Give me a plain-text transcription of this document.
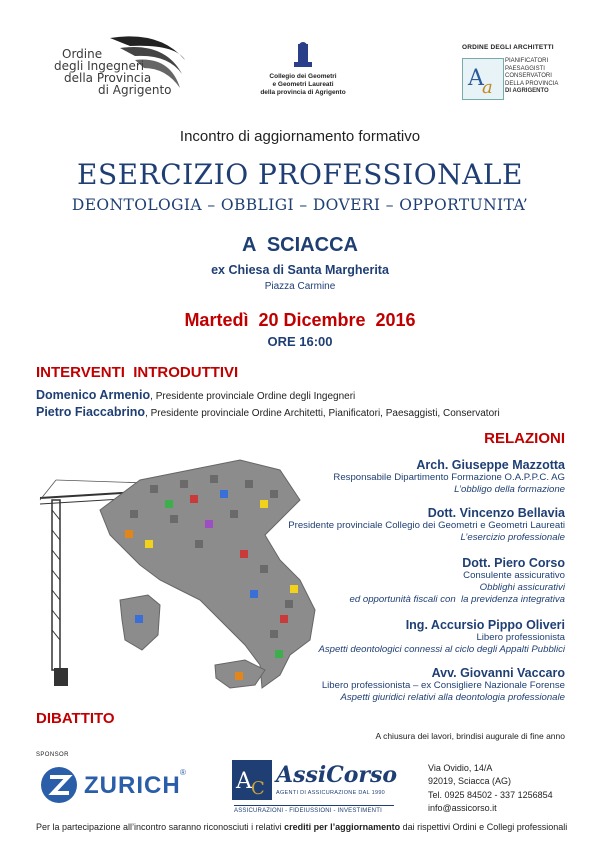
Ordine
degli Ingegneri
della Provincia
di Agrigento
Collegio dei Geometri
e Geometri Laureati
della provincia di Agrigento
ORDINE DEGLI ARCHITETTI
A
a
PIANIFICATORI
PAESAGGISTI
CONSERVATORI
DELLA PROVINCIA
DI AGRIGENTO
Incontro di aggiornamento formativo
ESERCIZIO PROFESSIONALE
DEONTOLOGIA – OBBLIGI – DOVERI – OPPORTUNITA’
A  SCIACCA
ex Chiesa di Santa Margherita
Piazza Carmine
Martedì  20 Dicembre  2016
ORE 16:00
INTERVENTI  INTRODUTTIVI
Domenico Armenio, Presidente provinciale Ordine degli Ingegneri
Pietro Fiaccabrino, Presidente provinciale Ordine Architetti, Pianificatori, Paesaggisti, Conservatori
RELAZIONI
Arch. Giuseppe Mazzotta
Responsabile Dipartimento Formazione O.A.P.P.C. AG
L’obbligo della formazione
Dott. Vincenzo Bellavia
Presidente provinciale Collegio dei Geometri e Geometri Laureati
L’esercizio professionale
Dott. Piero Corso
Consulente assicurativo
Obblighi assicurativi
ed opportunità fiscali con  la previdenza integrativa
Ing. Accursio Pippo Oliveri
Libero professionista
Aspetti deontologici connessi al ciclo degli Appalti Pubblici
Avv. Giovanni Vaccaro
Libero professionista – ex Consigliere Nazionale Forense
Aspetti giuridici relativi alla deontologia professionale
DIBATTITO
A chiusura dei lavori, brindisi augurale di fine anno
SPONSOR
ZURICH ® A C
AssiCorso
AGENTI DI ASSICURAZIONE DAL 1990
ASSICURAZIONI - FIDEIUSSIONI - INVESTIMENTI
Via Ovidio, 14/A
92019, Sciacca (AG)
Tel. 0925 84502 - 337 1256854
info@assicorso.it
Per la partecipazione all’incontro saranno riconosciuti i relativi crediti per l’aggiornamento dai rispettivi Ordini e Collegi professionali
